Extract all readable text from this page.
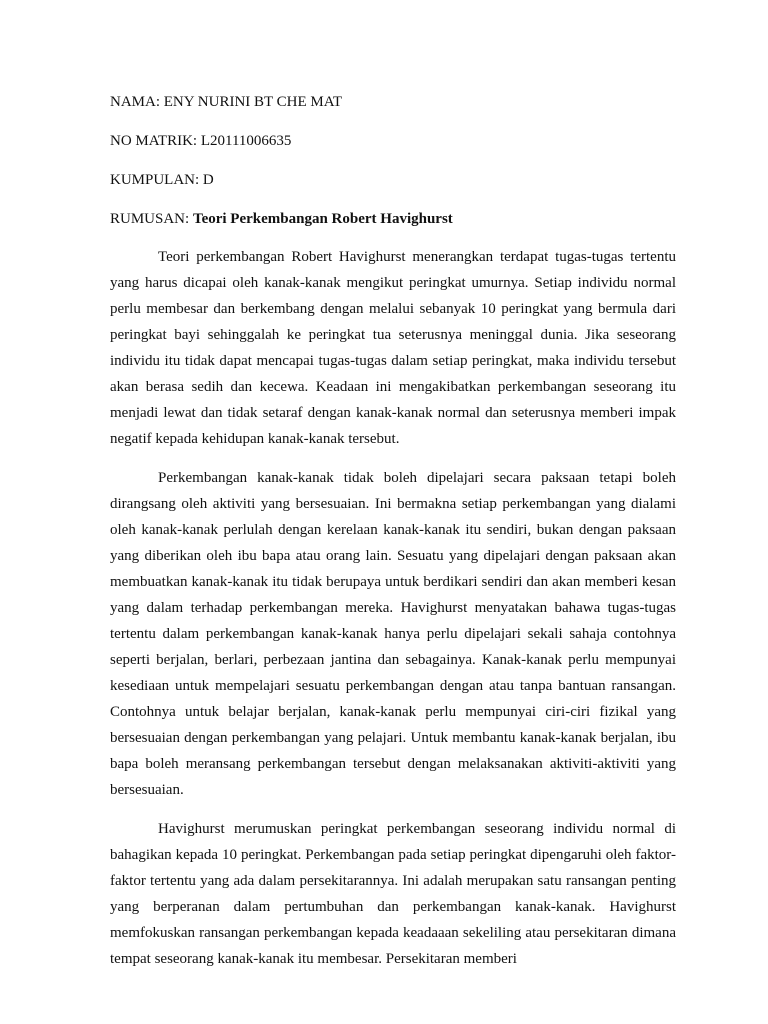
NAMA: ENY NURINI BT CHE MAT

NO MATRIK: L20111006635

KUMPULAN: D

RUMUSAN: Teori Perkembangan Robert Havighurst

Teori perkembangan Robert Havighurst menerangkan terdapat tugas-tugas tertentu yang harus dicapai oleh kanak-kanak mengikut peringkat umurnya. Setiap individu normal perlu membesar dan berkembang dengan melalui sebanyak 10 peringkat yang bermula dari peringkat bayi sehinggalah ke peringkat tua seterusnya meninggal dunia. Jika seseorang individu itu tidak dapat mencapai tugas-tugas dalam setiap peringkat, maka individu tersebut akan berasa sedih dan kecewa. Keadaan ini mengakibatkan perkembangan seseorang itu menjadi lewat dan tidak setaraf dengan kanak-kanak normal dan seterusnya memberi impak negatif kepada kehidupan kanak-kanak tersebut.

Perkembangan kanak-kanak tidak boleh dipelajari secara paksaan tetapi boleh dirangsang oleh aktiviti yang bersesuaian. Ini bermakna setiap perkembangan yang dialami oleh kanak-kanak perlulah dengan kerelaan kanak-kanak itu sendiri, bukan dengan paksaan yang diberikan oleh ibu bapa atau orang lain. Sesuatu yang dipelajari dengan paksaan akan membuatkan kanak-kanak itu tidak berupaya untuk berdikari sendiri dan akan memberi kesan yang dalam terhadap perkembangan mereka. Havighurst menyatakan bahawa tugas-tugas tertentu dalam perkembangan kanak-kanak hanya perlu dipelajari sekali sahaja contohnya seperti berjalan, berlari, perbezaan jantina dan sebagainya. Kanak-kanak perlu mempunyai kesediaan untuk mempelajari sesuatu perkembangan dengan atau tanpa bantuan ransangan. Contohnya untuk belajar berjalan, kanak-kanak perlu mempunyai ciri-ciri fizikal yang bersesuaian dengan perkembangan yang pelajari. Untuk membantu kanak-kanak berjalan, ibu bapa boleh meransang perkembangan tersebut dengan melaksanakan aktiviti-aktiviti yang bersesuaian.

Havighurst merumuskan peringkat perkembangan seseorang individu normal di bahagikan kepada 10 peringkat. Perkembangan pada setiap peringkat dipengaruhi oleh faktor-faktor tertentu yang ada dalam persekitarannya. Ini adalah merupakan satu ransangan penting yang berperanan dalam pertumbuhan dan perkembangan kanak-kanak. Havighurst memfokuskan ransangan perkembangan kepada keadaaan sekeliling atau persekitaran dimana tempat seseorang kanak-kanak itu membesar. Persekitaran memberi
